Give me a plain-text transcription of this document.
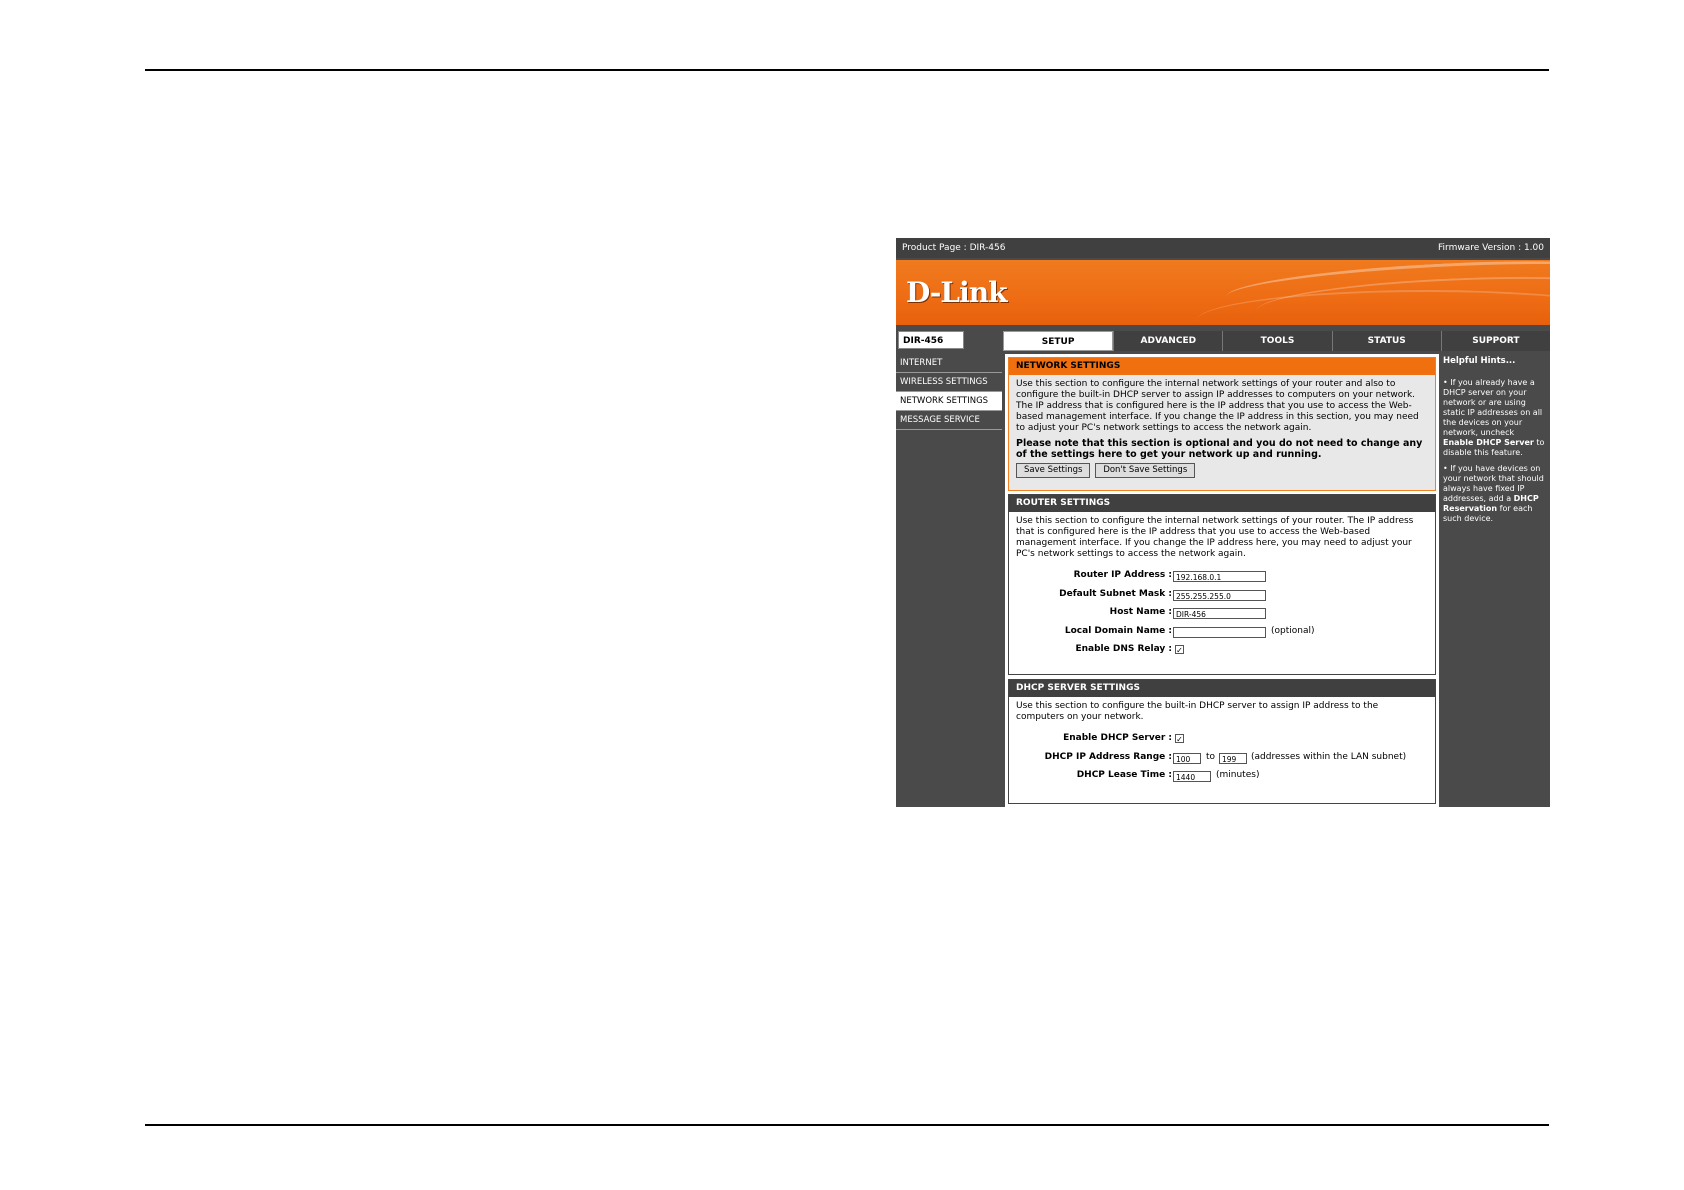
Product Page : DIR-456	Firmware Version : 1.00
D-Link
DIR-456 //	SETUP	ADVANCED	TOOLS	STATUS	SUPPORT
INTERNET
WIRELESS SETTINGS
NETWORK SETTINGS
MESSAGE SERVICE
NETWORK SETTINGS
Use this section to configure the internal network settings of your router and also to configure the built-in DHCP server to assign IP addresses to computers on your network. The IP address that is configured here is the IP address that you use to access the Web-based management interface. If you change the IP address in this section, you may need to adjust your PC's network settings to access the network again.
Please note that this section is optional and you do not need to change any of the settings here to get your network up and running.
Save Settings Don't Save Settings
ROUTER SETTINGS
Use this section to configure the internal network settings of your router. The IP address that is configured here is the IP address that you use to access the Web-based management interface. If you change the IP address here, you may need to adjust your PC's network settings to access the network again.
Router IP Address : 192.168.0.1
Default Subnet Mask : 255.255.255.0
Host Name : DIR-456
Local Domain Name :	(optional)
Enable DNS Relay : ✓
DHCP SERVER SETTINGS
Use this section to configure the built-in DHCP server to assign IP address to the computers on your network.
Enable DHCP Server : ✓
DHCP IP Address Range : 100	to 199	(addresses within the LAN subnet)
DHCP Lease Time : 1440	(minutes)
Helpful Hints...

• If you already have a DHCP server on your network or are using static IP addresses on all the devices on your network, uncheck Enable DHCP Server to disable this feature.

• If you have devices on your network that should always have fixed IP addresses, add a DHCP Reservation for each such device.
